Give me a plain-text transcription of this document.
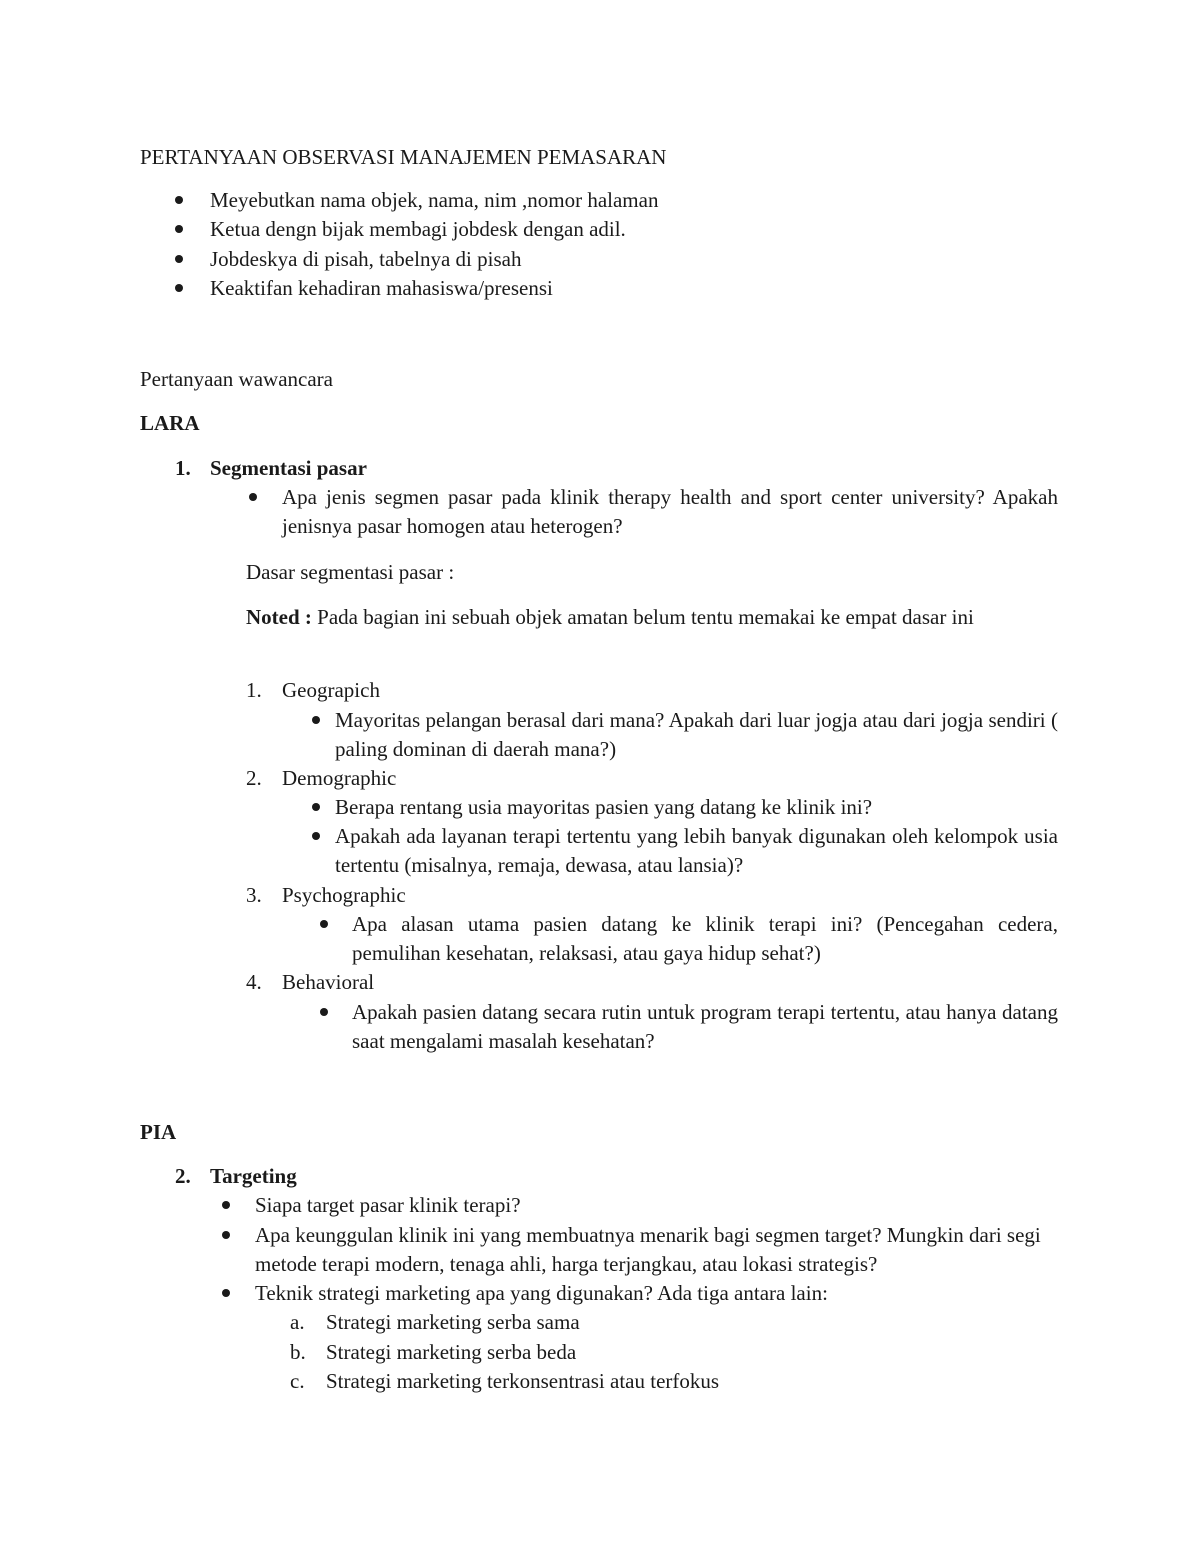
PERTANYAAN OBSERVASI MANAJEMEN PEMASARAN
Meyebutkan nama objek, nama, nim ,nomor halaman
Ketua dengn bijak membagi jobdesk dengan adil.
Jobdeskya di pisah, tabelnya di pisah
Keaktifan kehadiran mahasiswa/presensi
Pertanyaan wawancara
LARA
1. Segmentasi pasar
Apa jenis segmen pasar pada klinik therapy health and sport center university? Apakah jenisnya pasar homogen atau heterogen?
Dasar segmentasi pasar :
Noted : Pada bagian ini sebuah objek amatan belum tentu memakai ke empat dasar ini
1. Geograpich
Mayoritas pelangan berasal dari mana? Apakah dari luar jogja atau dari jogja sendiri ( paling dominan di daerah mana?)
2. Demographic
Berapa rentang usia mayoritas pasien yang datang ke klinik ini?
Apakah ada layanan terapi tertentu yang lebih banyak digunakan oleh kelompok usia tertentu (misalnya, remaja, dewasa, atau lansia)?
3. Psychographic
Apa alasan utama pasien datang ke klinik terapi ini? (Pencegahan cedera, pemulihan kesehatan, relaksasi, atau gaya hidup sehat?)
4. Behavioral
Apakah pasien datang secara rutin untuk program terapi tertentu, atau hanya datang saat mengalami masalah kesehatan?
PIA
2. Targeting
Siapa target pasar klinik terapi?
Apa keunggulan klinik ini yang membuatnya menarik bagi segmen target? Mungkin dari segi metode terapi modern, tenaga ahli, harga terjangkau, atau lokasi strategis?
Teknik strategi marketing apa yang digunakan? Ada tiga antara lain:
a. Strategi marketing serba sama
b. Strategi marketing serba beda
c. Strategi marketing terkonsentrasi atau terfokus
